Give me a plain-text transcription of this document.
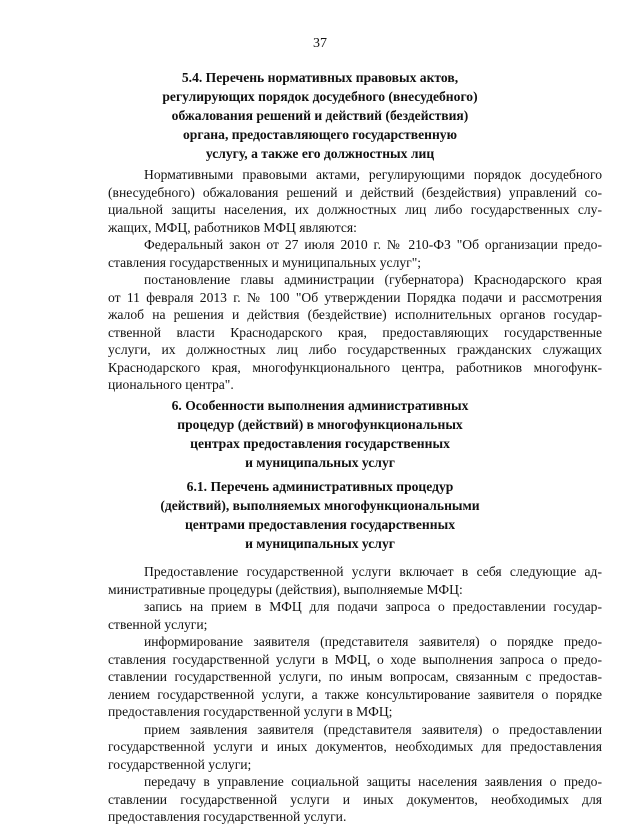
37
5.4. Перечень нормативных правовых актов,
регулирующих порядок досудебного (внесудебного)
обжалования решений и действий (бездействия)
органа, предоставляющего государственную
услугу, а также его должностных лиц
Нормативными правовыми актами, регулирующими порядок досудебного
(внесудебного) обжалования решений и действий (бездействия) управлений со-
циальной защиты населения, их должностных лиц либо государственных слу-
жащих, МФЦ, работников МФЦ являются:
Федеральный закон от 27 июля 2010 г. № 210-ФЗ "Об организации предо-
ставления государственных и муниципальных услуг";
постановление главы администрации (губернатора) Краснодарского края
от 11 февраля 2013 г. № 100 "Об утверждении Порядка подачи и рассмотрения
жалоб на решения и действия (бездействие) исполнительных органов государ-
ственной власти Краснодарского края, предоставляющих государственные
услуги, их должностных лиц либо государственных гражданских служащих
Краснодарского края, многофункционального центра, работников многофунк-
ционального центра".
6. Особенности выполнения административных
процедур (действий) в многофункциональных
центрах предоставления государственных
и муниципальных услуг
6.1. Перечень административных процедур
(действий), выполняемых многофункциональными
центрами предоставления государственных
и муниципальных услуг
Предоставление государственной услуги включает в себя следующие ад-
министративные процедуры (действия), выполняемые МФЦ:
запись на прием в МФЦ для подачи запроса о предоставлении государ-
ственной услуги;
информирование заявителя (представителя заявителя) о порядке предо-
ставления государственной услуги в МФЦ, о ходе выполнения запроса о предо-
ставлении государственной услуги, по иным вопросам, связанным с предостав-
лением государственной услуги, а также консультирование заявителя о порядке
предоставления государственной услуги в МФЦ;
прием заявления заявителя (представителя заявителя) о предоставлении
государственной услуги и иных документов, необходимых для предоставления
государственной услуги;
передачу в управление социальной защиты населения заявления о предо-
ставлении государственной услуги и иных документов, необходимых для
предоставления государственной услуги.
